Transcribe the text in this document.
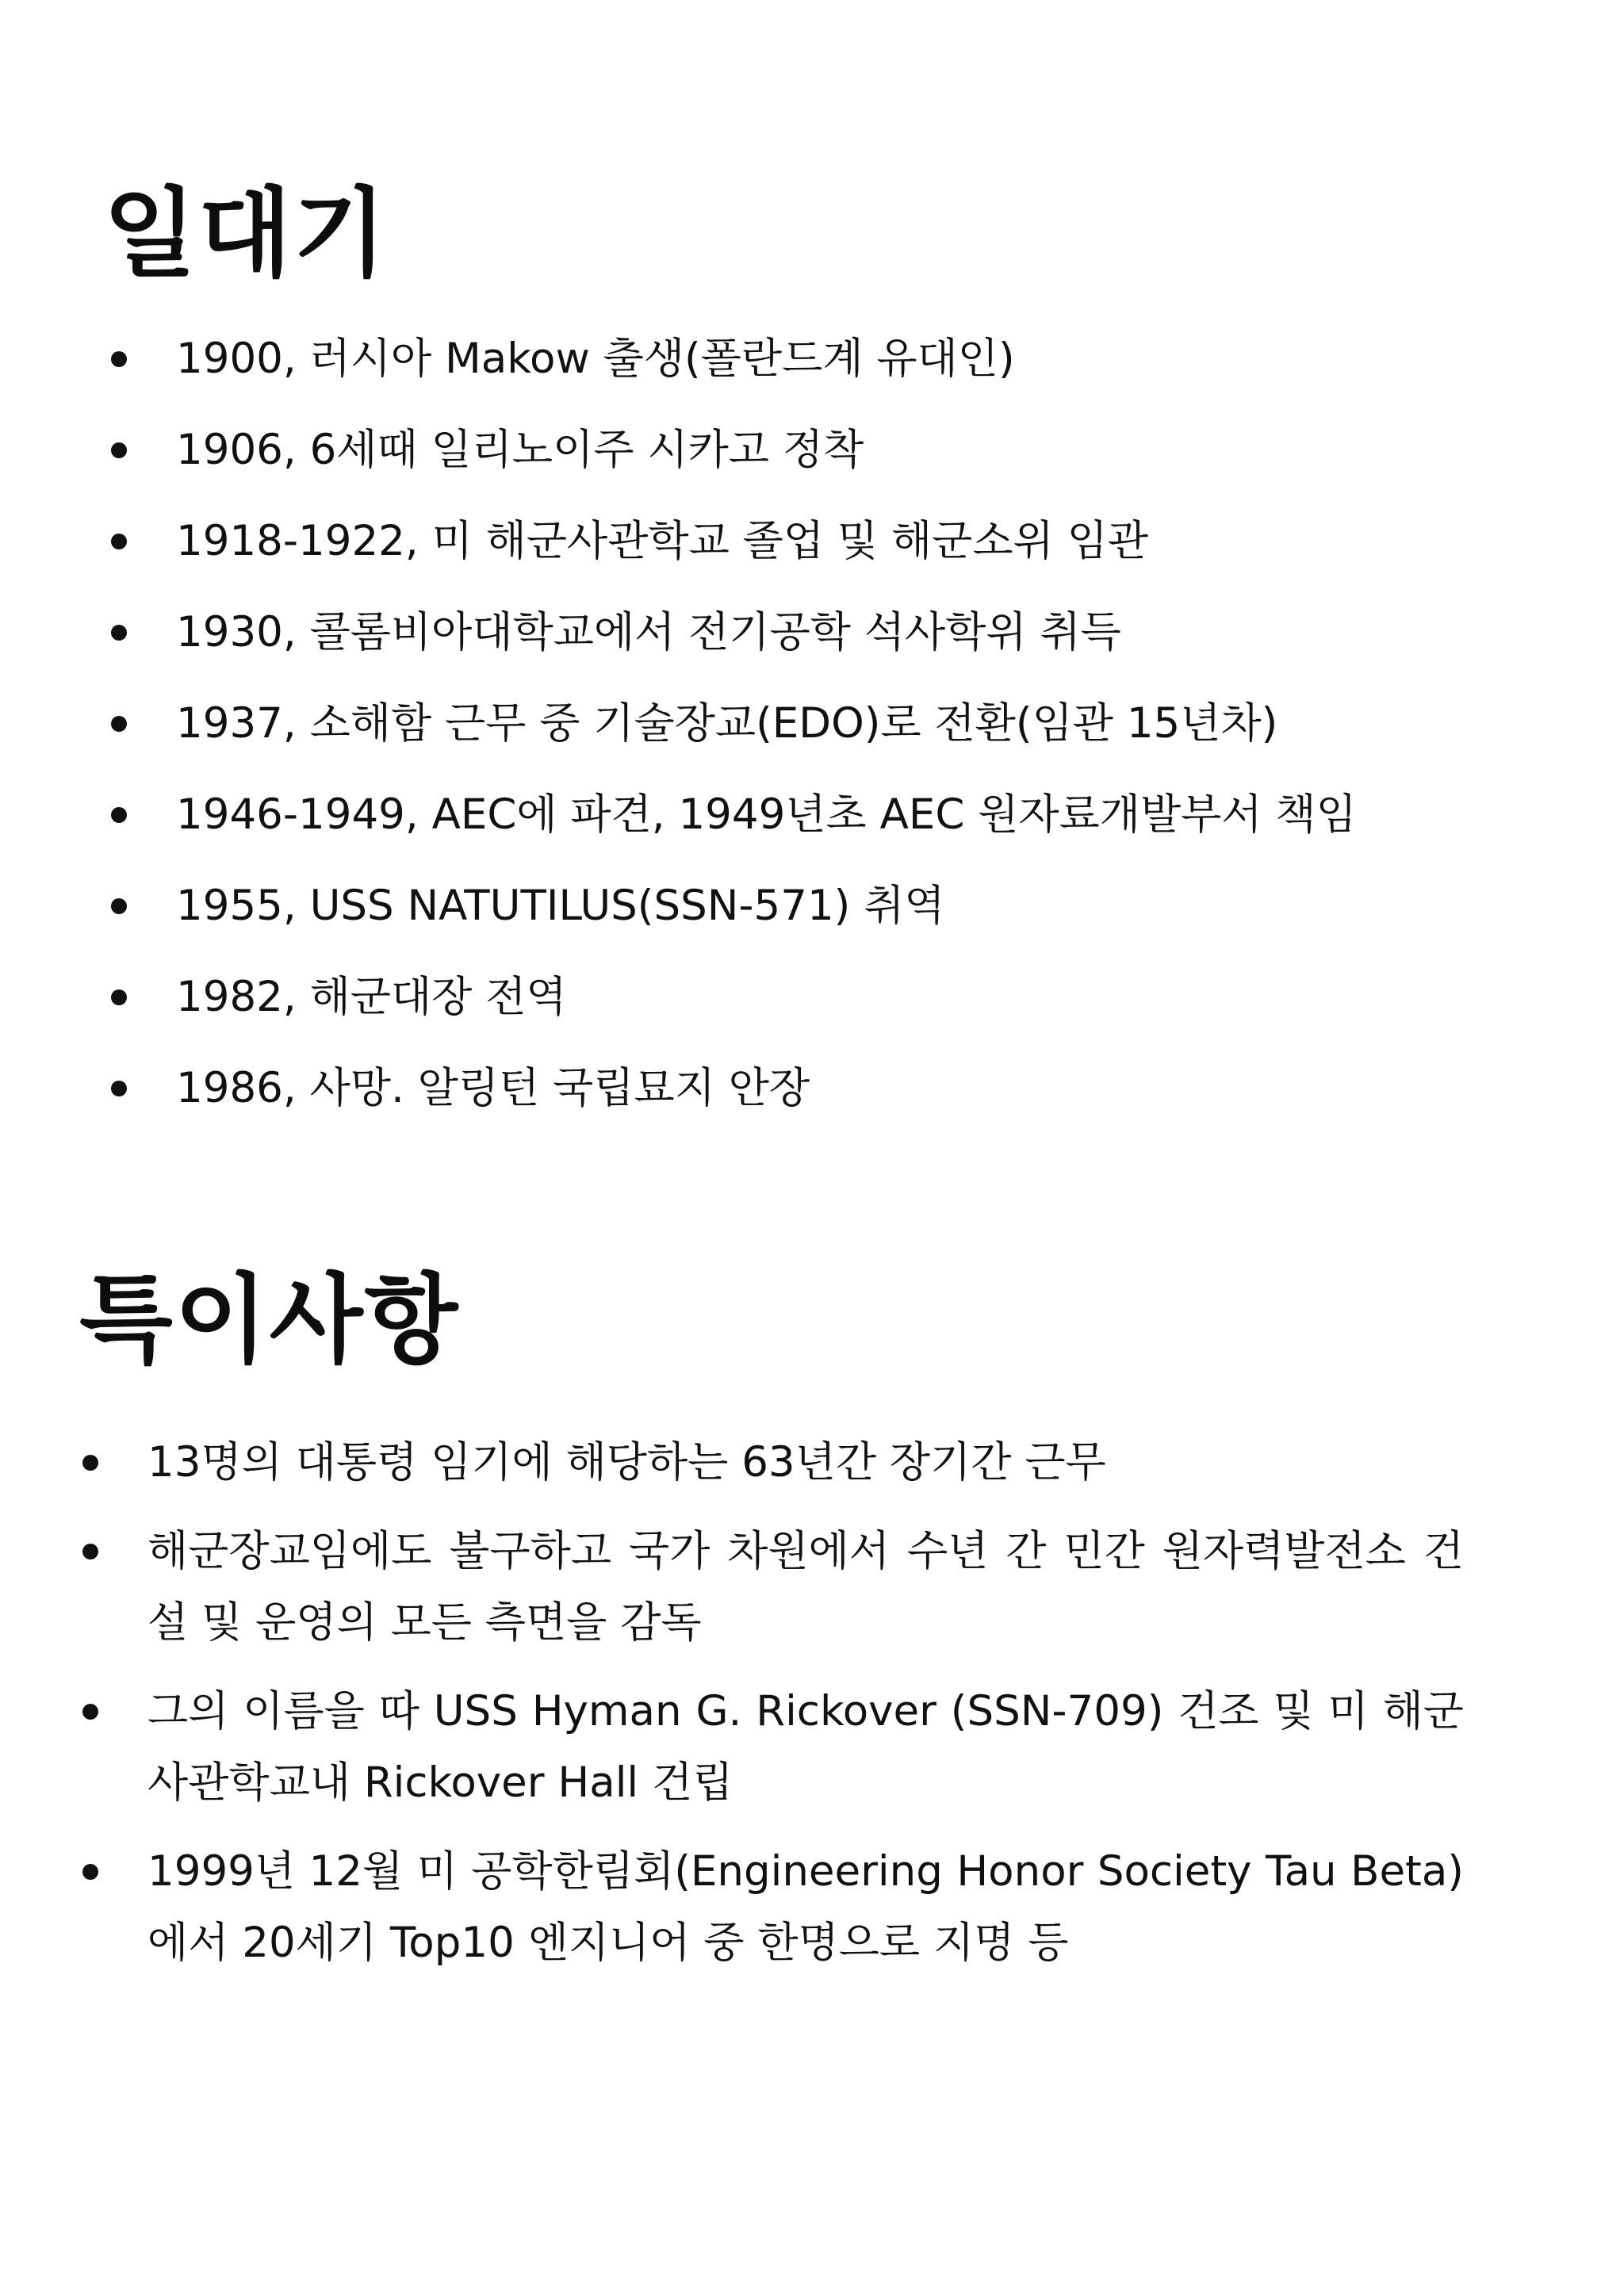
일대기
1900, 러시아 Makow 출생(폴란드계 유대인)
1906, 6세때 일리노이주 시카고 정착
1918-1922, 미 해군사관학교 졸업 및 해군소위 임관
1930, 콜롬비아대학교에서 전기공학 석사학위 취득
1937, 소해함 근무 중 기술장교(EDO)로 전환(임관 15년차)
1946-1949, AEC에 파견, 1949년초 AEC 원자료개발부서 책임
1955, USS NATUTILUS(SSN-571) 취역
1982, 해군대장 전역
1986, 사망. 알링턴 국립묘지 안장
특이사항
13명의 대통령 임기에 해당하는 63년간 장기간 근무
해군장교임에도 불구하고 국가 차원에서 수년 간 민간 원자력발전소 건설 및 운영의 모든 측면을 감독
그의 이름을 따 USS Hyman G. Rickover (SSN-709) 건조 및 미 해군 사관학교내 Rickover Hall 건립
1999년 12월 미 공학한림회(Engineering Honor Society Tau Beta) 에서 20세기 Top10 엔지니어 중 한명으로 지명 등
